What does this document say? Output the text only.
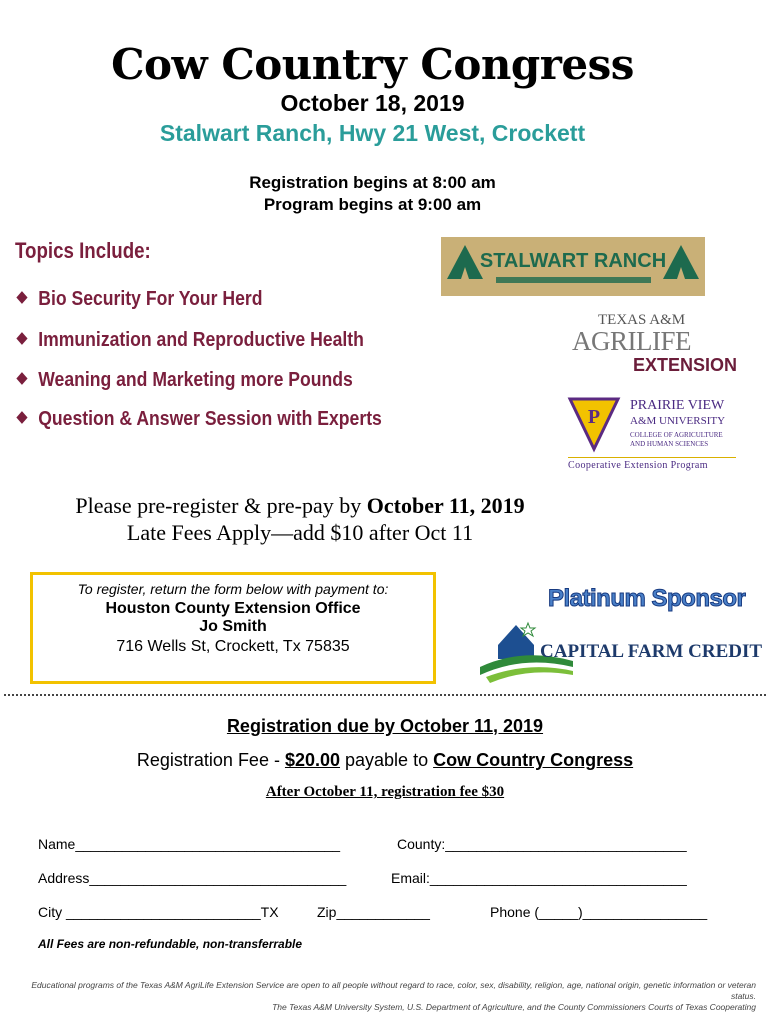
Cow Country Congress
October 18, 2019
Stalwart Ranch, Hwy 21 West, Crockett
Registration begins at 8:00 am
Program begins at 9:00 am
Topics Include:
Bio Security For Your Herd
Immunization and Reproductive Health
Weaning and Marketing more Pounds
Question & Answer Session with Experts
STALWART RANCH
TEXAS A&M
AGRILIFE
EXTENSION
P
PRAIRIE VIEW
A&M UNIVERSITY
COLLEGE OF AGRICULTURE
AND HUMAN SCIENCES
Cooperative Extension Program
Please pre-register & pre-pay by October 11, 2019
Late Fees Apply—add $10 after Oct 11
To register, return the form below with payment to:
Houston County Extension Office
Jo Smith
716 Wells St, Crockett, Tx 75835
Platinum Sponsor
CAPITAL FARM CREDIT
Registration due by October 11, 2019
Registration Fee - $20.00 payable to Cow Country Congress
After October 11, registration fee $30
Name__________________________________	County:_______________________________
Address_________________________________	Email:_________________________________
City _________________________TX	Zip____________	Phone (_____)________________
All Fees are non-refundable, non-transferrable
Educational programs of the Texas A&M AgriLife Extension Service are open to all people without regard to race, color, sex, disability, religion, age, national origin, genetic information or veteran status.
The Texas A&M University System, U.S. Department of Agriculture, and the County Commissioners Courts of Texas Cooperating
